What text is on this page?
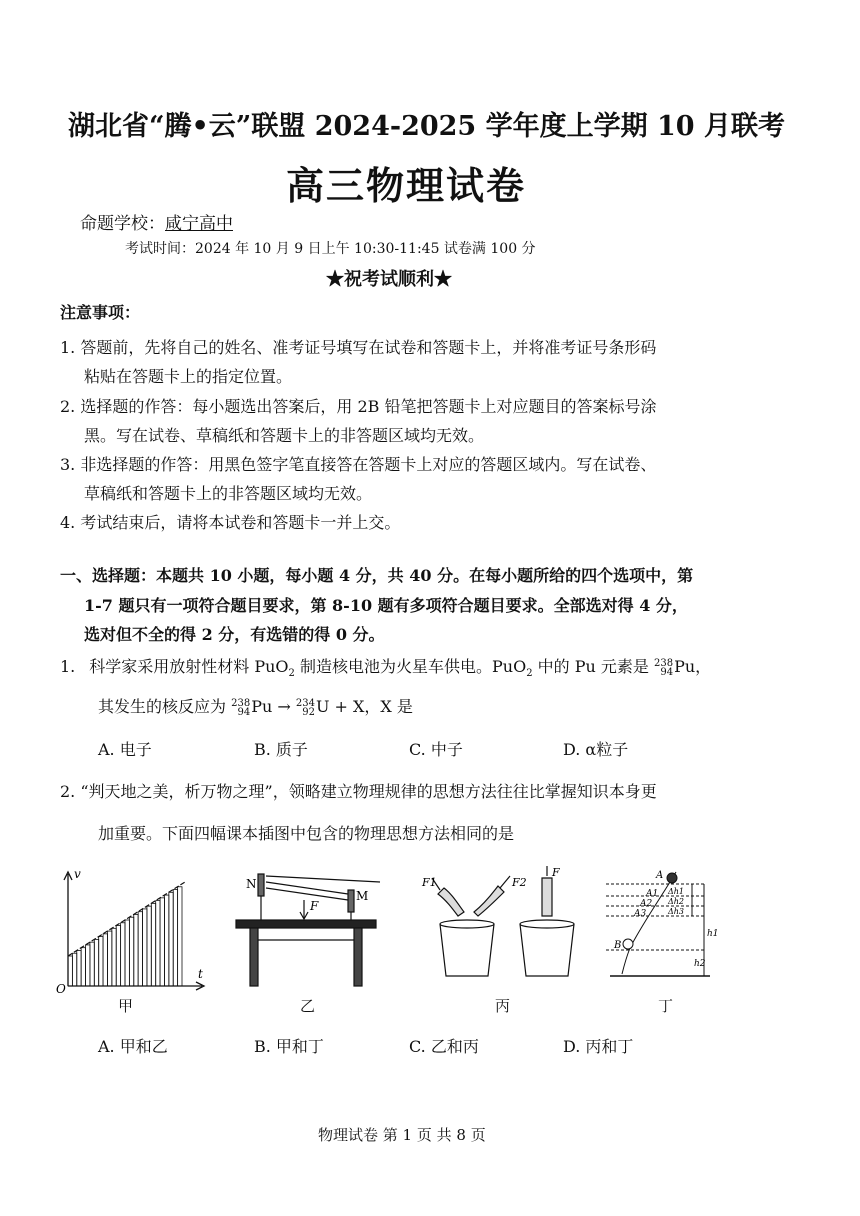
湖北省“腾•云”联盟 2024-2025 学年度上学期 10 月联考
高三物理试卷
命题学校：咸宁高中
考试时间：2024 年 10 月 9 日上午 10:30-11:45 试卷满 100 分
★祝考试顺利★
注意事项：
1. 答题前，先将自己的姓名、准考证号填写在试卷和答题卡上，并将准考证号条形码
粘贴在答题卡上的指定位置。
2. 选择题的作答：每小题选出答案后，用 2B 铅笔把答题卡上对应题目的答案标号涂
黑。写在试卷、草稿纸和答题卡上的非答题区域均无效。
3. 非选择题的作答：用黑色签字笔直接答在答题卡上对应的答题区域内。写在试卷、
草稿纸和答题卡上的非答题区域均无效。
4. 考试结束后，请将本试卷和答题卡一并上交。
一、选择题：本题共 10 小题，每小题 4 分，共 40 分。在每小题所给的四个选项中，第
1-7 题只有一项符合题目要求，第 8-10 题有多项符合题目要求。全部选对得 4 分，
选对但不全的得 2 分，有选错的得 0 分。
1. 科学家采用放射性材料 PuO$_2$ 制造核电池为火星车供电。PuO$_2$ 中的 Pu 元素是 238
94 Pu，
其发生的核反应为 238
94 Pu → 234
92 U + X，X 是
A. 电子	B. 质子	C. 中子	D. α粒子
2. “判天地之美，析万物之理”，领略建立物理规律的思想方法往往比掌握知识本身更
加重要。下面四幅课本插图中包含的物理思想方法相同的是
v
t
O
甲
N
M
F
乙
F1	F2
F
丙
A
A1
A2
A3
B
Δh1
Δh2
Δh3
h1
h2
丁
A. 甲和乙	B. 甲和丁	C. 乙和丙	D. 丙和丁
物理试卷 第 1 页 共 8 页
